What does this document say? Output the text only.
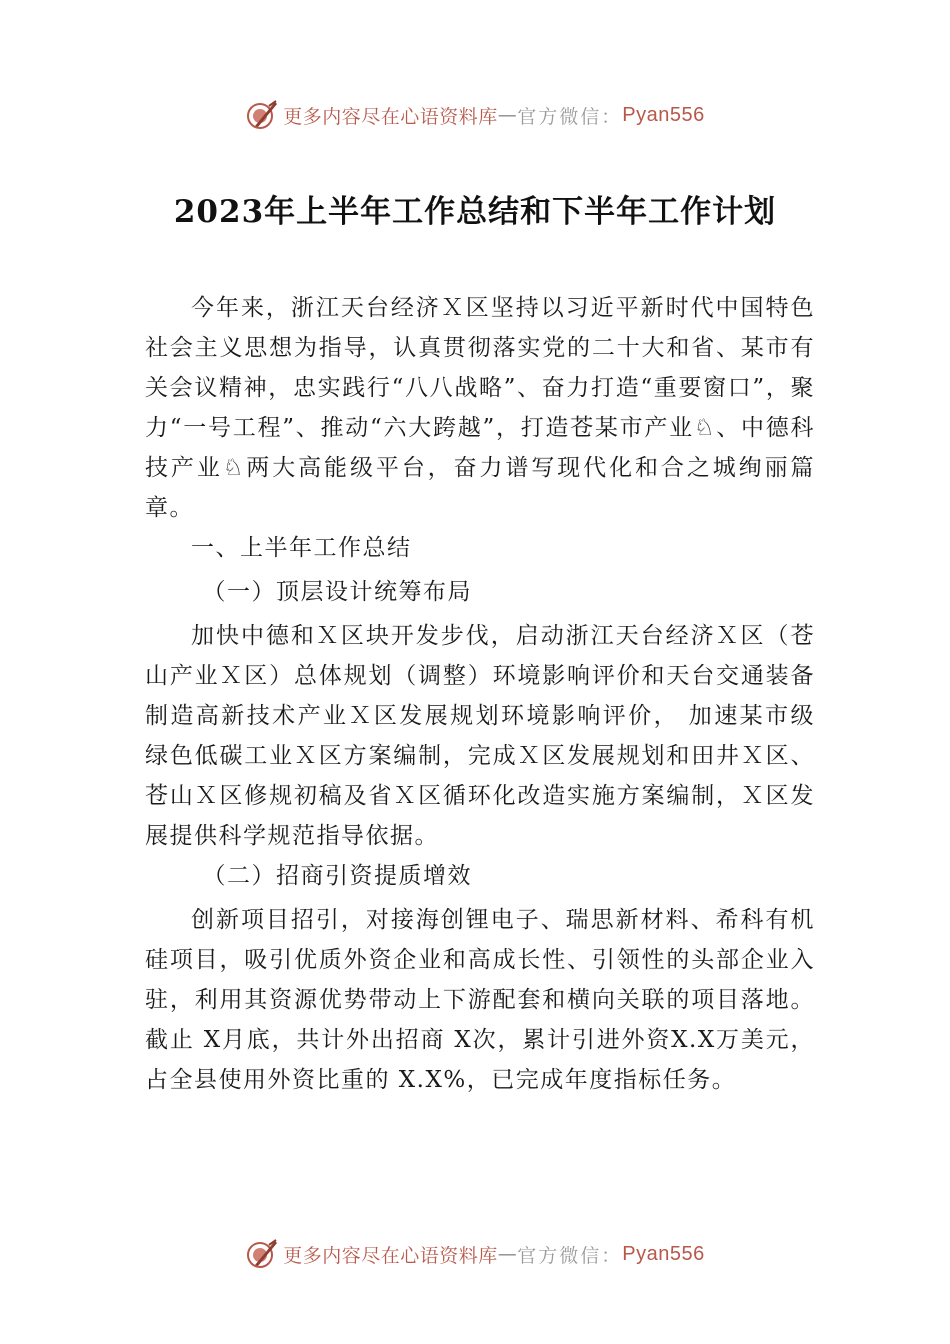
更多内容尽在心语资料库 — 官方微信： Pyan556
2023年上半年工作总结和下半年工作计划

今年来，浙江天台经济Ｘ区坚持以习近平新时代中国特色社会主义思想为指导，认真贯彻落实党的二十大和省、某市有关会议精神，忠实践行“八八战略”、奋力打造“重要窗口”，聚力“一号工程”、推动“六大跨越”，打造苍某市产业♘、中德科技产业♘两大高能级平台，奋力谱写现代化和合之城绚丽篇章。

一、上半年工作总结
（一）顶层设计统筹布局

加快中德和Ｘ区块开发步伐，启动浙江天台经济Ｘ区（苍山产业Ｘ区）总体规划（调整）环境影响评价和天台交通装备制造高新技术产业Ｘ区发展规划环境影响评价， 加速某市级绿色低碳工业Ｘ区方案编制，完成Ｘ区发展规划和田井Ｘ区、苍山Ｘ区修规初稿及省Ｘ区循环化改造实施方案编制，Ｘ区发展提供科学规范指导依据。

（二）招商引资提质增效

创新项目招引，对接海创锂电子、瑞思新材料、希科有机硅项目，吸引优质外资企业和高成长性、引领性的头部企业入驻，利用其资源优势带动上下游配套和横向关联的项目落地。截止 X月底，共计外出招商 X次，累计引进外资X.X万美元，占全县使用外资比重的 X.X%，已完成年度指标任务。

更多内容尽在心语资料库 — 官方微信： Pyan556
